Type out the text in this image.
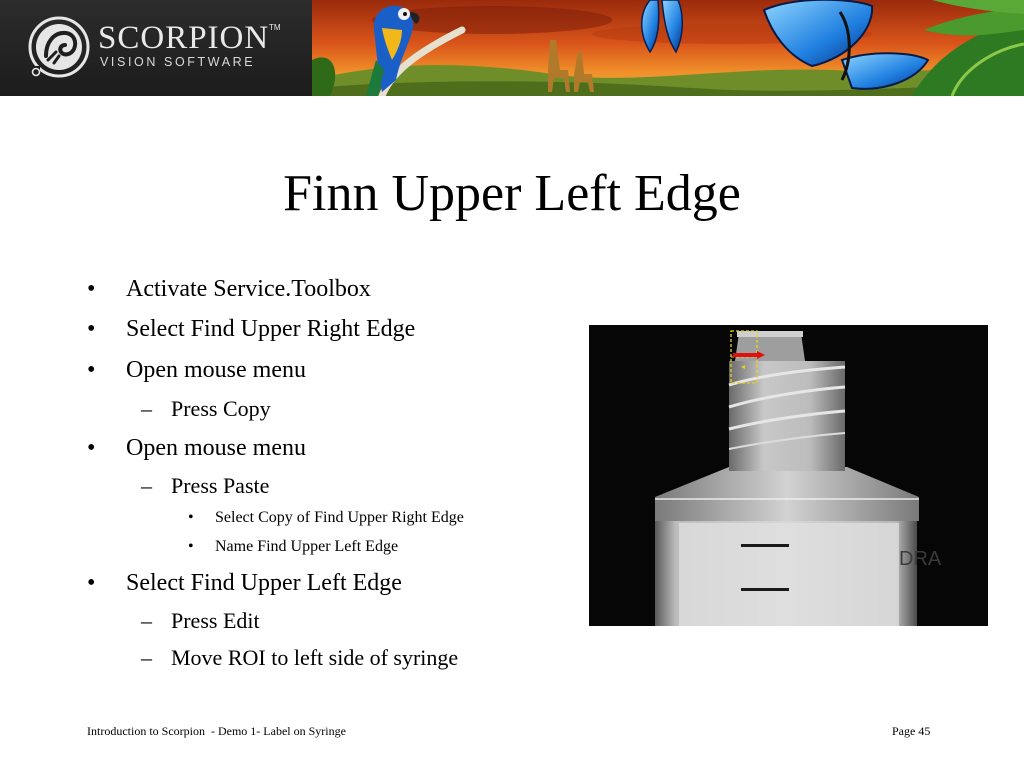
SCORPION TM
VISION SOFTWARE
Finn Upper Left Edge
• Activate Service.Toolbox
• Select Find Upper Right Edge
• Open mouse menu
– Press Copy
• Open mouse menu
– Press Paste
• Select Copy of Find Upper Right Edge
• Name Find Upper Left Edge
• Select Find Upper Left Edge
– Press Edit
– Move ROI to left side of syringe
DRA
Introduction to Scorpion  - Demo 1- Label on Syringe	Page 45
